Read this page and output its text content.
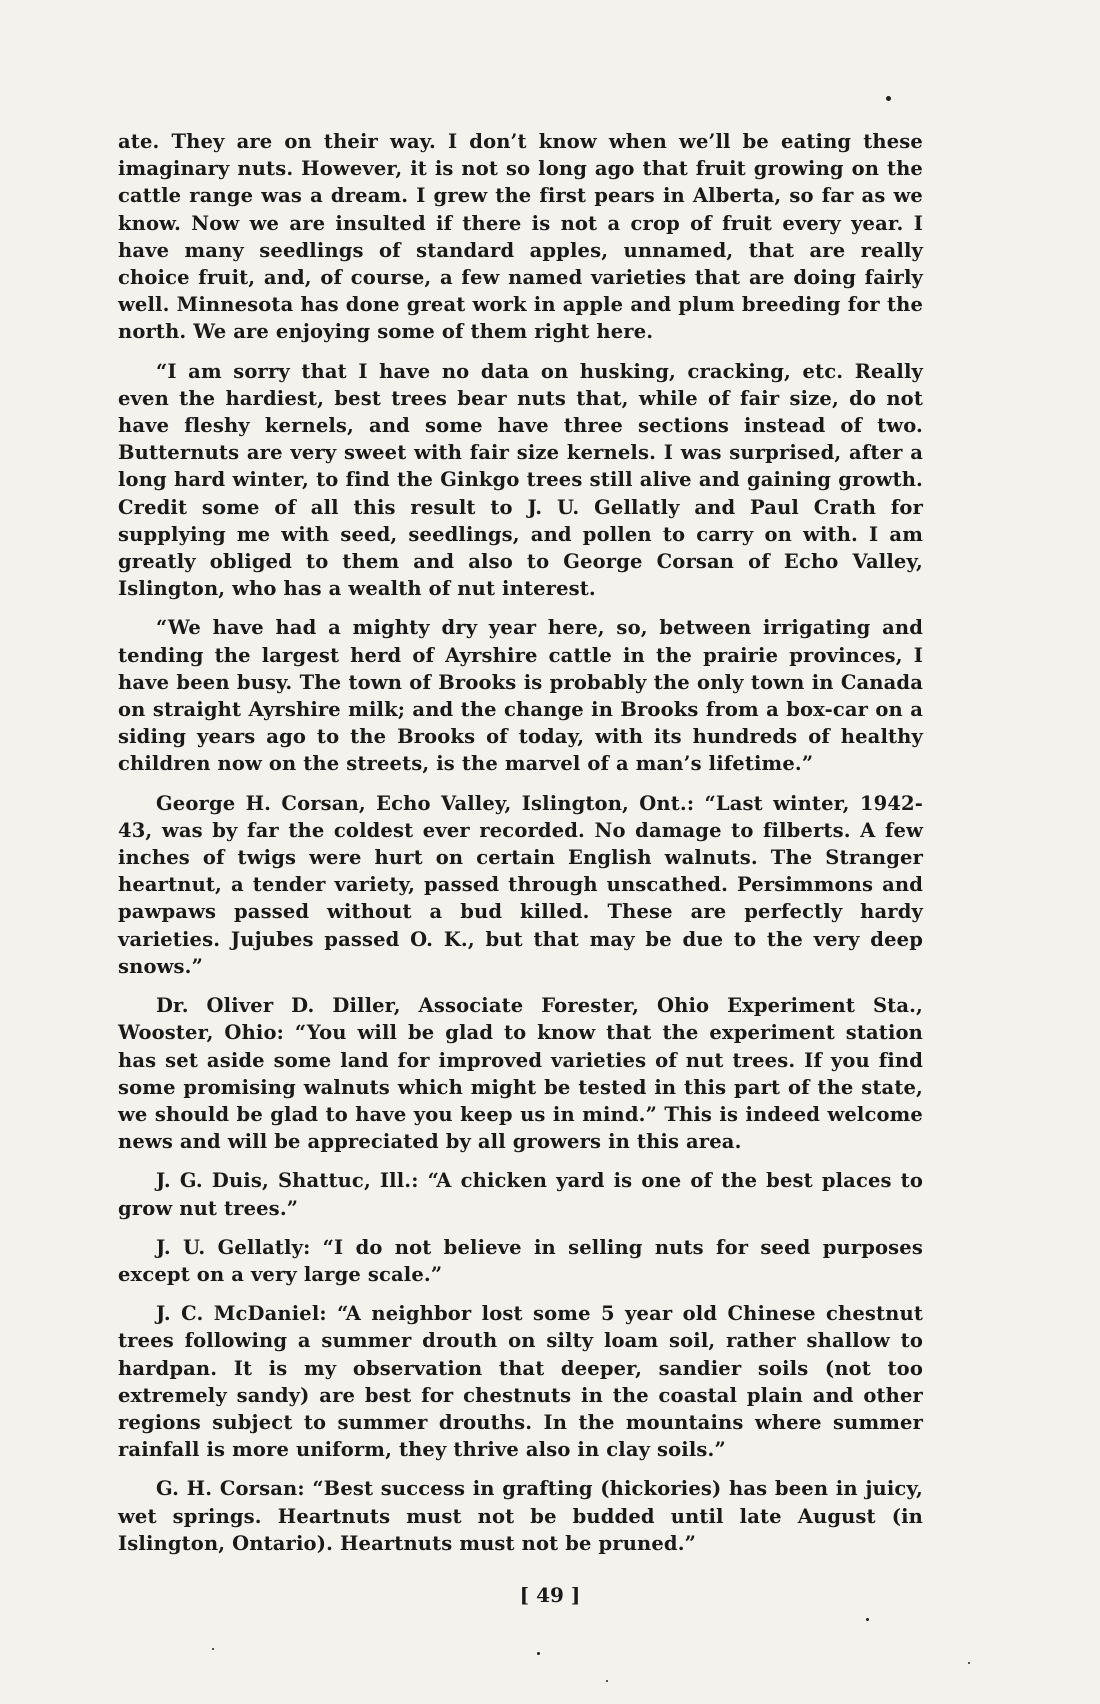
ate. They are on their way. I don’t know when we’ll be eating these imaginary nuts. However, it is not so long ago that fruit growing on the cattle range was a dream. I grew the first pears in Alberta, so far as we know. Now we are insulted if there is not a crop of fruit every year. I have many seedlings of standard apples, unnamed, that are really choice fruit, and, of course, a few named varieties that are doing fairly well. Minnesota has done great work in apple and plum breeding for the north. We are enjoying some of them right here.

“I am sorry that I have no data on husking, cracking, etc. Really even the hardiest, best trees bear nuts that, while of fair size, do not have fleshy kernels, and some have three sections instead of two. Butternuts are very sweet with fair size kernels. I was surprised, after a long hard winter, to find the Ginkgo trees still alive and gaining growth. Credit some of all this result to J. U. Gellatly and Paul Crath for supplying me with seed, seedlings, and pollen to carry on with. I am greatly obliged to them and also to George Corsan of Echo Valley, Islington, who has a wealth of nut interest.

“We have had a mighty dry year here, so, between irrigating and tending the largest herd of Ayrshire cattle in the prairie provinces, I have been busy. The town of Brooks is probably the only town in Canada on straight Ayrshire milk; and the change in Brooks from a box-car on a siding years ago to the Brooks of today, with its hundreds of healthy children now on the streets, is the marvel of a man’s lifetime.”

George H. Corsan, Echo Valley, Islington, Ont.: “Last winter, 1942-43, was by far the coldest ever recorded. No damage to filberts. A few inches of twigs were hurt on certain English walnuts. The Stranger heartnut, a tender variety, passed through unscathed. Persimmons and pawpaws passed without a bud killed. These are perfectly hardy varieties. Jujubes passed O. K., but that may be due to the very deep snows.”

Dr. Oliver D. Diller, Associate Forester, Ohio Experiment Sta., Wooster, Ohio: “You will be glad to know that the experiment station has set aside some land for improved varieties of nut trees. If you find some promising walnuts which might be tested in this part of the state, we should be glad to have you keep us in mind.” This is indeed welcome news and will be appreciated by all growers in this area.

J. G. Duis, Shattuc, Ill.: “A chicken yard is one of the best places to grow nut trees.”

J. U. Gellatly: “I do not believe in selling nuts for seed purposes except on a very large scale.”

J. C. McDaniel: “A neighbor lost some 5 year old Chinese chestnut trees following a summer drouth on silty loam soil, rather shallow to hardpan. It is my observation that deeper, sandier soils (not too extremely sandy) are best for chestnuts in the coastal plain and other regions subject to summer drouths. In the mountains where summer rainfall is more uniform, they thrive also in clay soils.”

G. H. Corsan: “Best success in grafting (hickories) has been in juicy, wet springs. Heartnuts must not be budded until late August (in Islington, Ontario). Heartnuts must not be pruned.”

[ 49 ]
